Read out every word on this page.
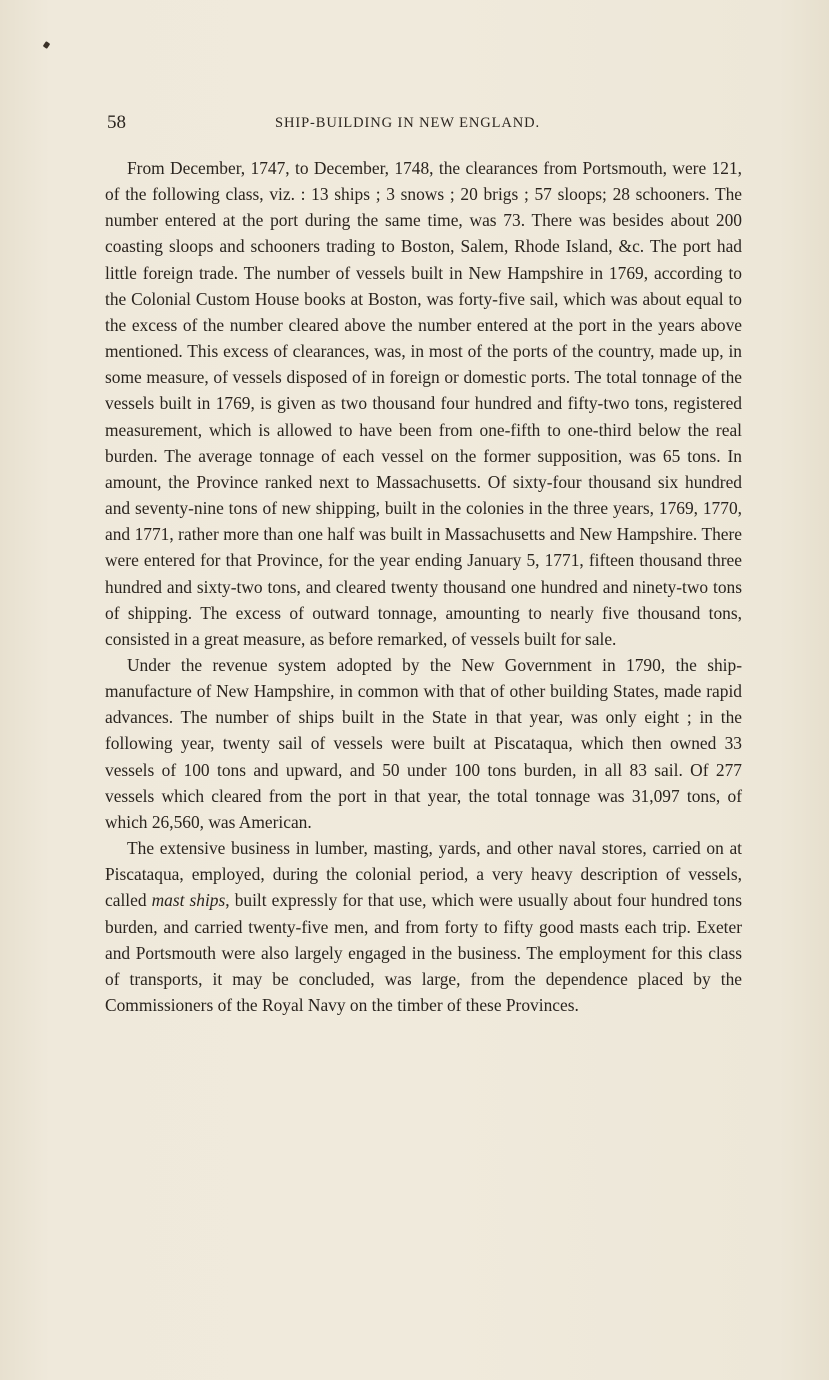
58	SHIP-BUILDING IN NEW ENGLAND.

From December, 1747, to December, 1748, the clearances from Portsmouth, were 121, of the following class, viz. : 13 ships ; 3 snows ; 20 brigs ; 57 sloops; 28 schooners. The number entered at the port during the same time, was 73. There was besides about 200 coasting sloops and schooners trading to Boston, Salem, Rhode Island, &c. The port had little foreign trade. The number of vessels built in New Hampshire in 1769, according to the Colonial Custom House books at Boston, was forty-five sail, which was about equal to the excess of the number cleared above the number entered at the port in the years above mentioned. This excess of clearances, was, in most of the ports of the country, made up, in some measure, of vessels disposed of in foreign or domestic ports. The total tonnage of the vessels built in 1769, is given as two thousand four hundred and fifty-two tons, registered measurement, which is allowed to have been from one-fifth to one-third below the real burden. The average tonnage of each vessel on the former supposition, was 65 tons. In amount, the Province ranked next to Massachusetts. Of sixty-four thousand six hundred and seventy-nine tons of new shipping, built in the colonies in the three years, 1769, 1770, and 1771, rather more than one half was built in Massachusetts and New Hampshire. There were entered for that Province, for the year ending January 5, 1771, fifteen thousand three hundred and sixty-two tons, and cleared twenty thousand one hundred and ninety-two tons of shipping. The excess of outward tonnage, amounting to nearly five thousand tons, consisted in a great measure, as before remarked, of vessels built for sale.

Under the revenue system adopted by the New Government in 1790, the ship-manufacture of New Hampshire, in common with that of other building States, made rapid advances. The number of ships built in the State in that year, was only eight ; in the following year, twenty sail of vessels were built at Piscataqua, which then owned 33 vessels of 100 tons and upward, and 50 under 100 tons burden, in all 83 sail. Of 277 vessels which cleared from the port in that year, the total tonnage was 31,097 tons, of which 26,560, was American.

The extensive business in lumber, masting, yards, and other naval stores, carried on at Piscataqua, employed, during the colonial period, a very heavy description of vessels, called mast ships, built expressly for that use, which were usually about four hundred tons burden, and carried twenty-five men, and from forty to fifty good masts each trip. Exeter and Portsmouth were also largely engaged in the business. The employment for this class of transports, it may be concluded, was large, from the dependence placed by the Commissioners of the Royal Navy on the timber of these Provinces.
